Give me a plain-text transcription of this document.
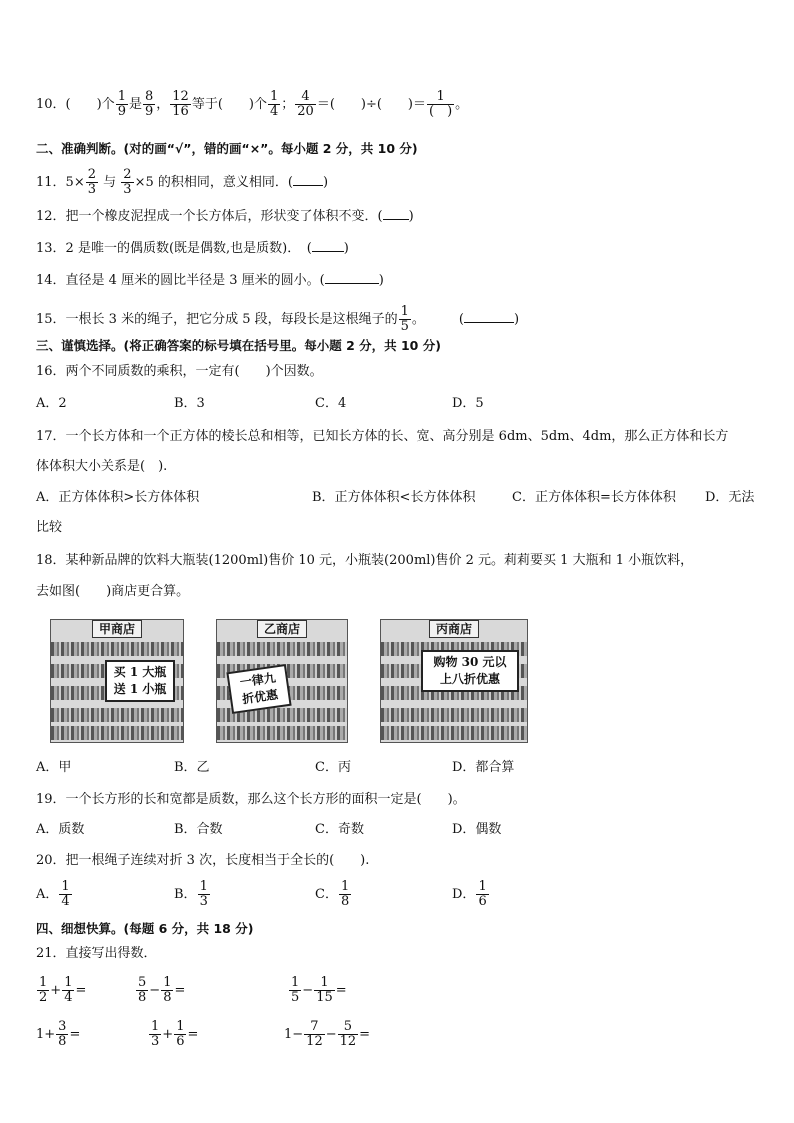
10．(　　)个 $\frac{1}{9}$ 是 $\frac{8}{9}$ ， $\frac{12}{16}$ 等于(　　)个 $\frac{1}{4}$ ； $\frac{4}{20}$ ＝(　　)÷(　　)＝ $\frac{1}{( )}$ 。
二、准确判断。(对的画“√”，错的画“×”。每小题 2 分，共 10 分)
11．$5\times \frac{2}{3}$ 与 $\frac{2}{3} \times 5$ 的积相同，意义相同．( )
12．把一个橡皮泥捏成一个长方体后，形状变了体积不变．( )
13．2 是唯一的偶质数(既是偶数,也是质数)．　( )
14．直径是 4 厘米的圆比半径是 3 厘米的圆小。(	)
15．一根长 3 米的绳子，把它分成 5 段，每段长是这根绳子的 $\frac{1}{5}$ 。	(	)
三、谨慎选择。(将正确答案的标号填在括号里。每小题 2 分，共 10 分)
16．两个不同质数的乘积，一定有(　　)个因数。
A．2	B．3	C．4	D．5
17．一个长方体和一个正方体的棱长总和相等，已知长方体的长、宽、高分别是 6dm、5dm、4dm，那么正方体和长方
体体积大小关系是(　).
A．正方体体积>长方体体积	B．正方体体积<长方体体积	C．正方体体积=长方体体积 D．无法
比较
18．某种新品牌的饮料大瓶装(1200ml)售价 10 元，小瓶装(200ml)售价 2 元。莉莉要买 1 大瓶和 1 小瓶饮料，
去如图(　　)商店更合算。
甲商店
买 1 大瓶
送 1 小瓶
乙商店
一律九
折优惠
丙商店
购物 30 元以
上八折优惠
A．甲	B．乙	C．丙	D．都合算
19．一个长方形的长和宽都是质数，那么这个长方形的面积一定是(　　)。
A．质数	B．合数	C．奇数	D．偶数
20．把一根绳子连续对折 3 次，长度相当于全长的(　　).
A． $\frac{1}{4}$	B． $\frac{1}{3}$	C． $\frac{1}{8}$	D． $\frac{1}{6}$
四、细想快算。(每题 6 分，共 18 分)
21．直接写出得数．
$\frac{1}{2} + \frac{1}{4}$ =	$\frac{5}{8} - \frac{1}{8}$ =	$\frac{1}{5} - \frac{1}{15}$ =
$1+ \frac{3}{8}$ =	$\frac{1}{3} + \frac{1}{6}$ =	$1- \frac{7}{12} - \frac{5}{12}$ =
